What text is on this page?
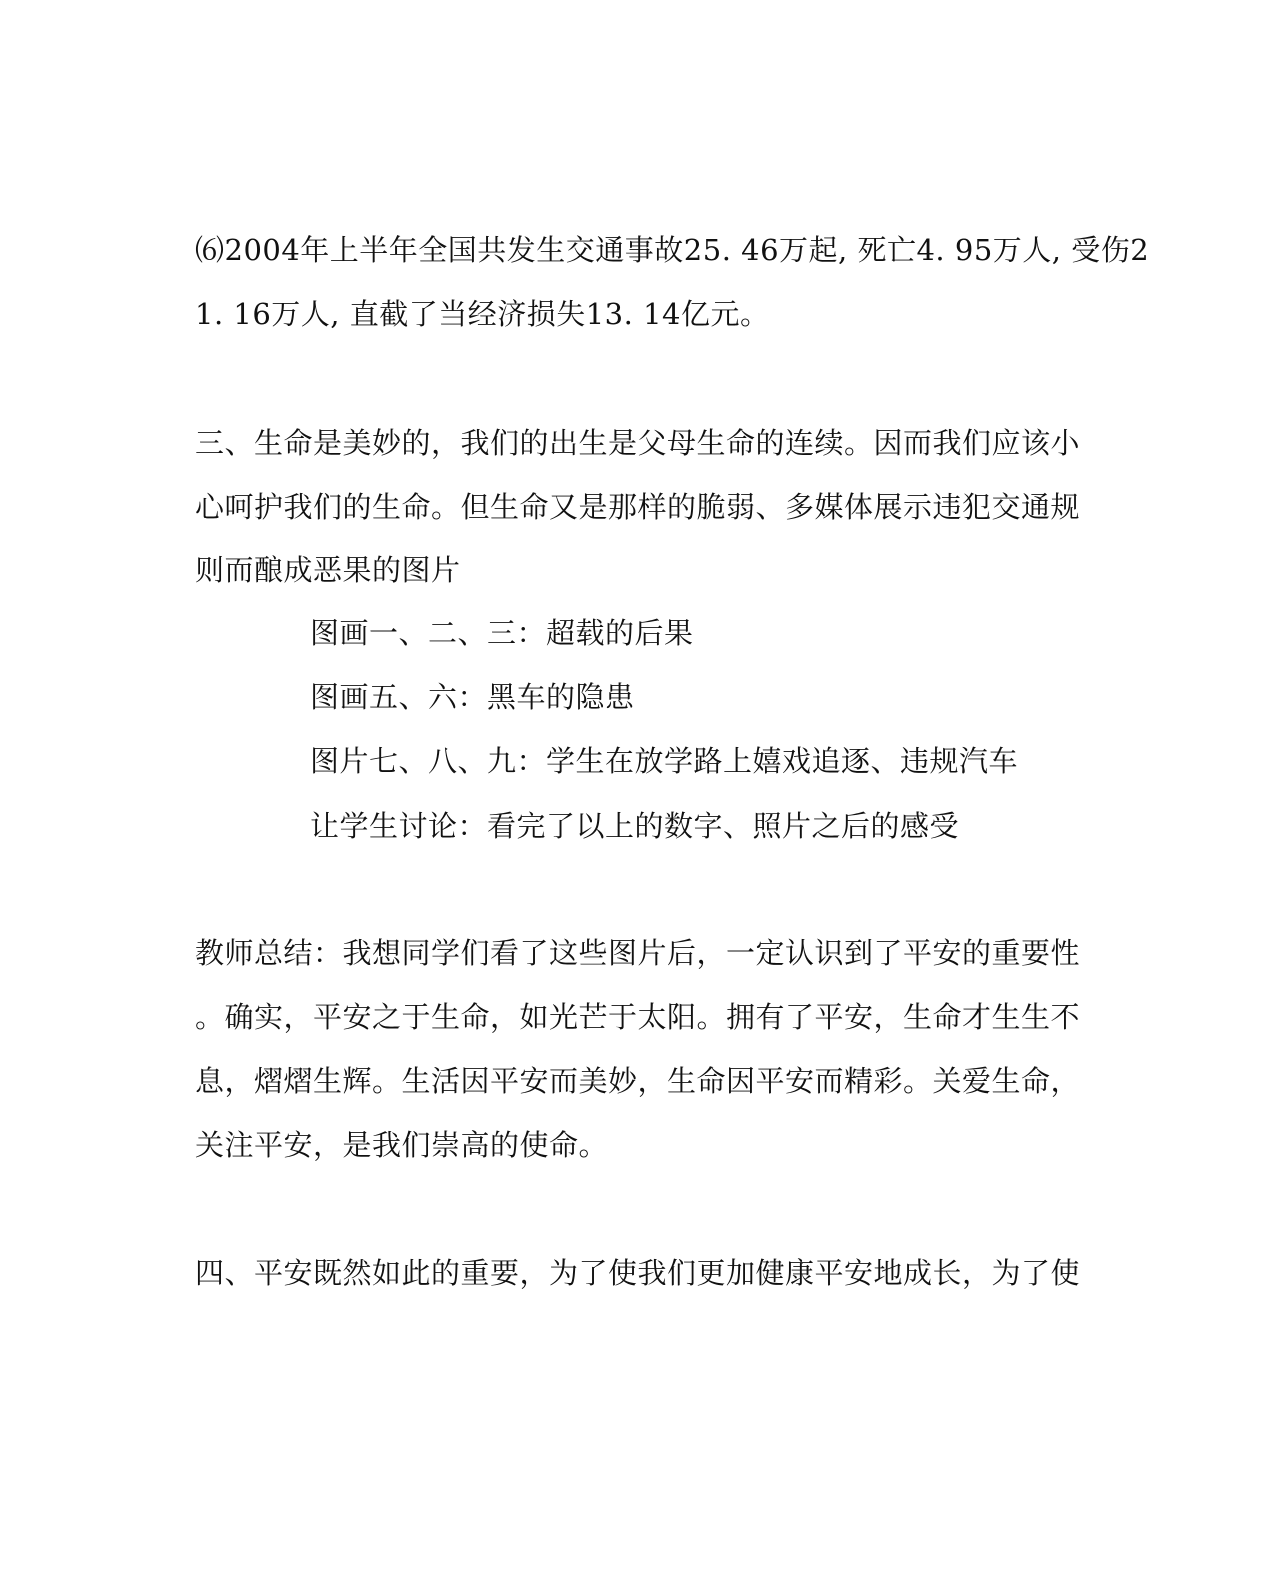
⑹2004年上半年全国共发生交通事故25. 46万起, 死亡4. 95万人, 受伤2
1. 16万人, 直截了当经济损失13. 14亿元。
三、生命是美妙的，我们的出生是父母生命的连续。因而我们应该小
心呵护我们的生命。但生命又是那样的脆弱、多媒体展示违犯交通规
则而酿成恶果的图片
图画一、二、三：超载的后果
图画五、六：黑车的隐患
图片七、八、九：学生在放学路上嬉戏追逐、违规汽车
让学生讨论：看完了以上的数字、照片之后的感受
教师总结：我想同学们看了这些图片后，一定认识到了平安的重要性
。确实，平安之于生命，如光芒于太阳。拥有了平安，生命才生生不
息，熠熠生辉。生活因平安而美妙，生命因平安而精彩。关爱生命，
关注平安，是我们崇高的使命。
四、平安既然如此的重要，为了使我们更加健康平安地成长，为了使
